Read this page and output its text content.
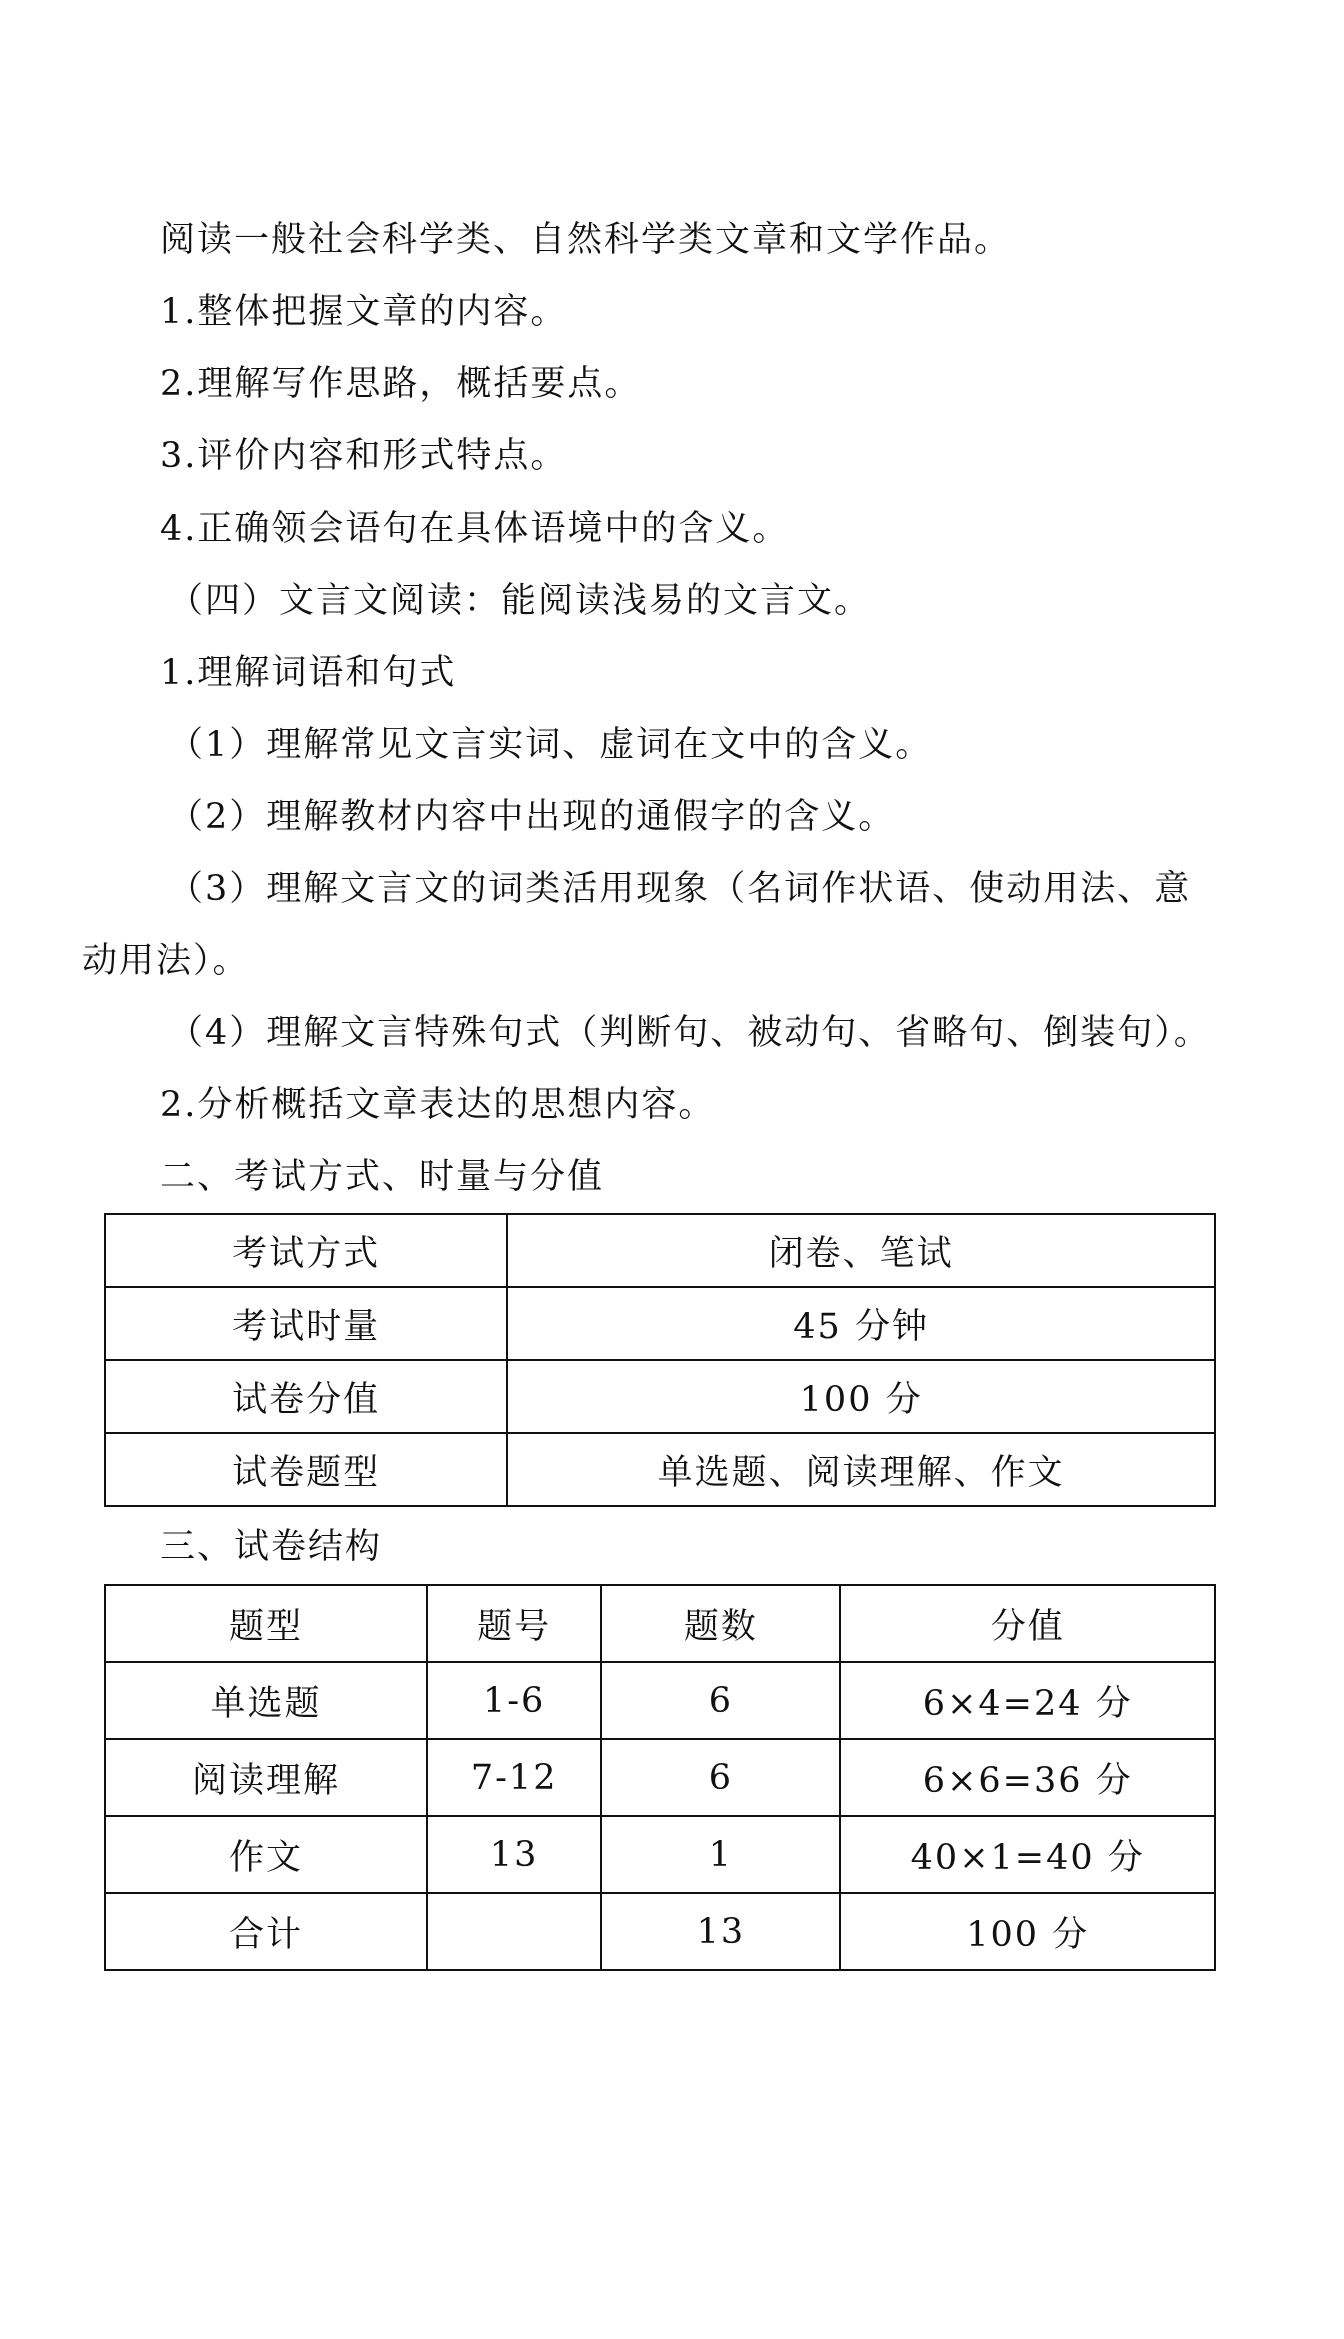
阅读一般社会科学类、自然科学类文章和文学作品。
1.整体把握文章的内容。
2.理解写作思路，概括要点。
3.评价内容和形式特点。
4.正确领会语句在具体语境中的含义。
（四）文言文阅读：能阅读浅易的文言文。
1.理解词语和句式
（1）理解常见文言实词、虚词在文中的含义。
（2）理解教材内容中出现的通假字的含义。
（3）理解文言文的词类活用现象（名词作状语、使动用法、意
动用法）。
（4）理解文言特殊句式（判断句、被动句、省略句、倒装句）。
2.分析概括文章表达的思想内容。
二、考试方式、时量与分值
考试方式	闭卷、笔试
考试时量	45 分钟
试卷分值	100 分
试卷题型	单选题、阅读理解、作文
三、试卷结构
题型	题号	题数	分值
单选题	1-6	6	6×4=24 分
阅读理解	7-12	6	6×6=36 分
作文	13	1	40×1=40 分
合计		13	100 分
